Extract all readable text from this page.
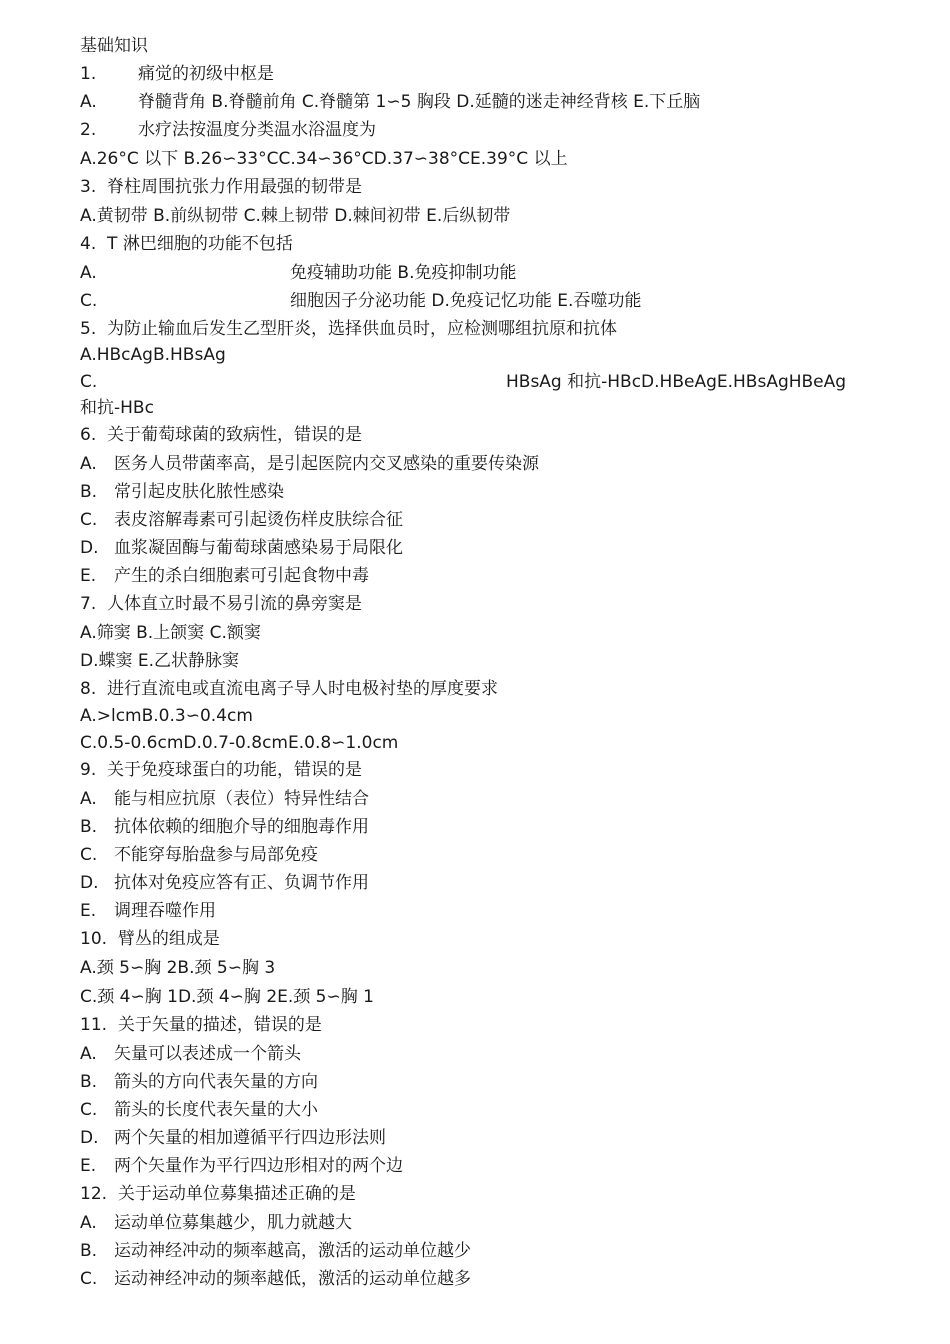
基础知识

1. 痛觉的初级中枢是

A. 脊髓背角 B.脊髓前角 C.脊髓第 1∽5 胸段 D.延髓的迷走神经背核 E.下丘脑

2. 水疗法按温度分类温水浴温度为

A.26°C 以下 B.26∽33°CC.34∽36°CD.37∽38°CE.39°C 以上

3.  脊柱周围抗张力作用最强的韧带是

A.黄韧带 B.前纵韧带 C.棘上韧带 D.棘间初带 E.后纵韧带

4.  T 淋巴细胞的功能不包括

A.	免疫辅助功能 B.免疫抑制功能

C.	细胞因子分泌功能 D.免疫记忆功能 E.吞噬功能

5.  为防止输血后发生乙型肝炎，选择供血员时，应检测哪组抗原和抗体

A.HBcAgB.HBsAg

C.	HBsAg 和抗-HBcD.HBeAgE.HBsAgHBeAg

和抗-HBc

6.  关于葡萄球菌的致病性，错误的是

A. 医务人员带菌率高，是引起医院内交叉感染的重要传染源

B. 常引起皮肤化脓性感染

C. 表皮溶解毒素可引起烫伤样皮肤综合征

D. 血浆凝固酶与葡萄球菌感染易于局限化

E. 产生的杀白细胞素可引起食物中毒

7.  人体直立时最不易引流的鼻旁窦是

A.筛窦 B.上颌窦 C.额窦

D.蝶窦 E.乙状静脉窦

8.  进行直流电或直流电离子导人时电极衬垫的厚度要求

A.>lcmB.0.3∽0.4cm

C.0.5-0.6cmD.0.7-0.8cmE.0.8∽1.0cm

9.  关于免疫球蛋白的功能，错误的是

A. 能与相应抗原（表位）特异性结合

B. 抗体依赖的细胞介导的细胞毒作用

C. 不能穿每胎盘参与局部免疫

D. 抗体对免疫应答有正、负调节作用

E. 调理吞噬作用

10.  臂丛的组成是

A.颈 5∽胸 2B.颈 5∽胸 3

C.颈 4∽胸 1D.颈 4∽胸 2E.颈 5∽胸 1

11.  关于矢量的描述，错误的是

A. 矢量可以表述成一个箭头

B. 箭头的方向代表矢量的方向

C. 箭头的长度代表矢量的大小

D. 两个矢量的相加遵循平行四边形法则

E. 两个矢量作为平行四边形相对的两个边

12.  关于运动单位募集描述正确的是

A. 运动单位募集越少，肌力就越大

B. 运动神经冲动的频率越高，激活的运动单位越少

C. 运动神经冲动的频率越低，激活的运动单位越多
